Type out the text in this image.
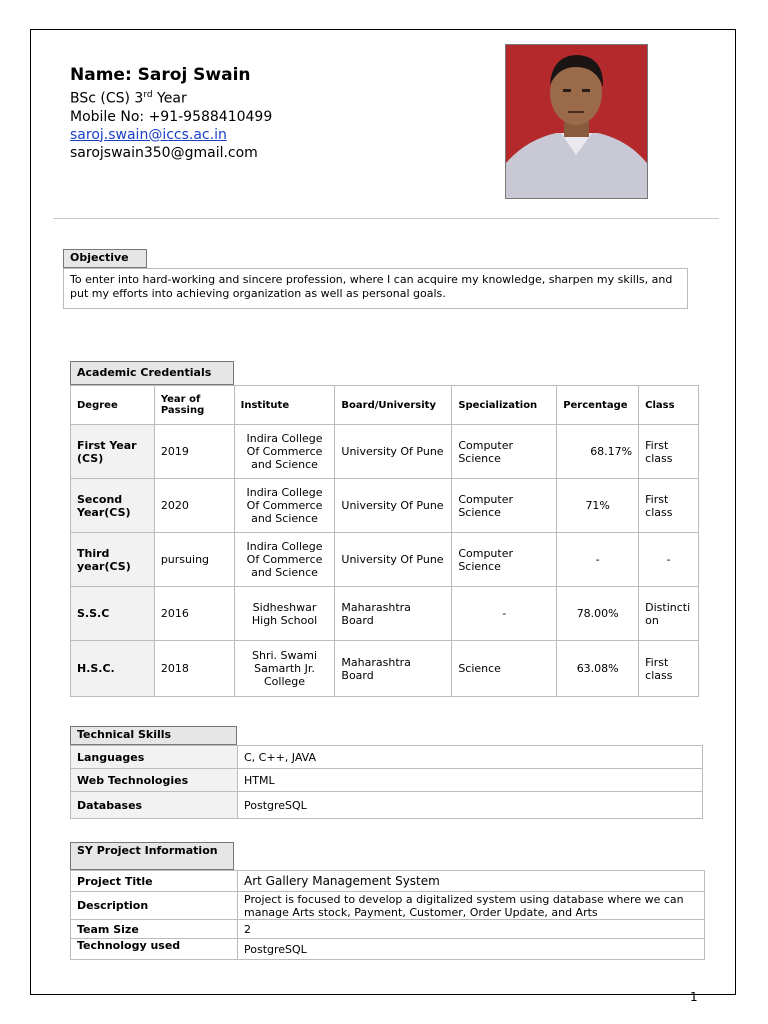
Name: Saroj Swain
BSc (CS) 3rd Year
Mobile No: +91-9588410499
saroj.swain@iccs.ac.in
sarojswain350@gmail.com
Objective
To enter into hard-working and sincere profession, where I can acquire my knowledge, sharpen my skills, and put my efforts into achieving organization as well as personal goals.
Academic Credentials
Degree	Year of Passing	Institute	Board/University	Specialization	Percentage	Class
First Year (CS)	2019	Indira College Of Commerce and Science	University Of Pune	Computer Science	68.17%	First class
Second Year(CS)	2020	Indira College Of Commerce and Science	University Of Pune	Computer Science	71%	First class
Third year(CS)	pursuing	Indira College Of Commerce and Science	University Of Pune	Computer Science	-	-
S.S.C	2016	Sidheshwar High School	Maharashtra Board	-	78.00%	Distinction
H.S.C.	2018	Shri. Swami Samarth Jr. College	Maharashtra Board	Science	63.08%	First class
Technical Skills
Languages	C, C++, JAVA
Web Technologies	HTML
Databases	PostgreSQL
SY Project Information
Project Title	Art Gallery Management System
Description	Project is focused to develop a digitalized system using database where we can manage Arts stock, Payment, Customer, Order Update, and Arts
Team Size	2
Technology used	PostgreSQL
1
